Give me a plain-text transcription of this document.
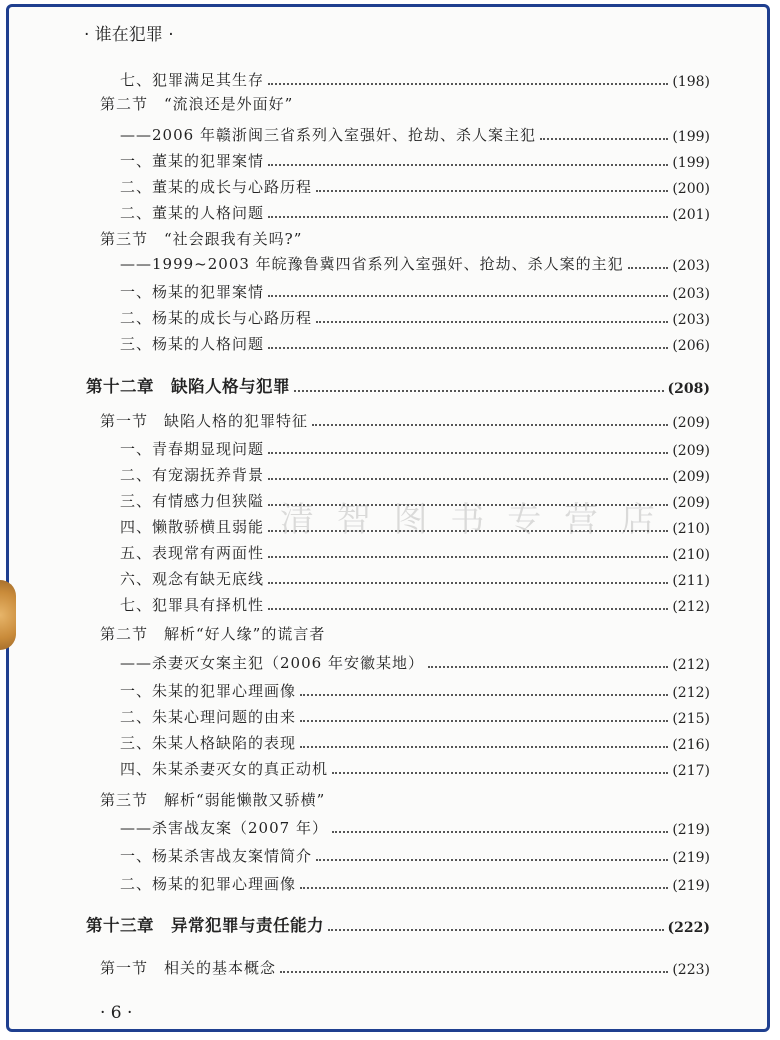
· 谁在犯罪 ·
七、犯罪满足其生存	(198)
第二节　“流浪还是外面好”
——2006 年赣浙闽三省系列入室强奸、抢劫、杀人案主犯	(199)
一、董某的犯罪案情	(199)
二、董某的成长与心路历程	(200)
二、董某的人格问题	(201)
第三节　“社会跟我有关吗?”
——1999~2003 年皖豫鲁冀四省系列入室强奸、抢劫、杀人案的主犯	(203)
一、杨某的犯罪案情	(203)
二、杨某的成长与心路历程	(203)
三、杨某的人格问题	(206)
第十二章　缺陷人格与犯罪	(208)
第一节　缺陷人格的犯罪特征	(209)
一、青春期显现问题	(209)
二、有宠溺抚养背景	(209)
三、有情感力但狭隘	(209)
四、懒散骄横且弱能	(210)
五、表现常有两面性	(210)
六、观念有缺无底线	(211)
七、犯罪具有择机性	(212)
第二节　解析“好人缘”的谎言者
——杀妻灭女案主犯（2006 年安徽某地）	(212)
一、朱某的犯罪心理画像	(212)
二、朱某心理问题的由来	(215)
三、朱某人格缺陷的表现	(216)
四、朱某杀妻灭女的真正动机	(217)
第三节　解析“弱能懒散又骄横”
——杀害战友案（2007 年）	(219)
一、杨某杀害战友案情简介	(219)
二、杨某的犯罪心理画像	(219)
第十三章　异常犯罪与责任能力	(222)
第一节　相关的基本概念	(223)
清 智 图 书 专 营 店
· 6 ·
